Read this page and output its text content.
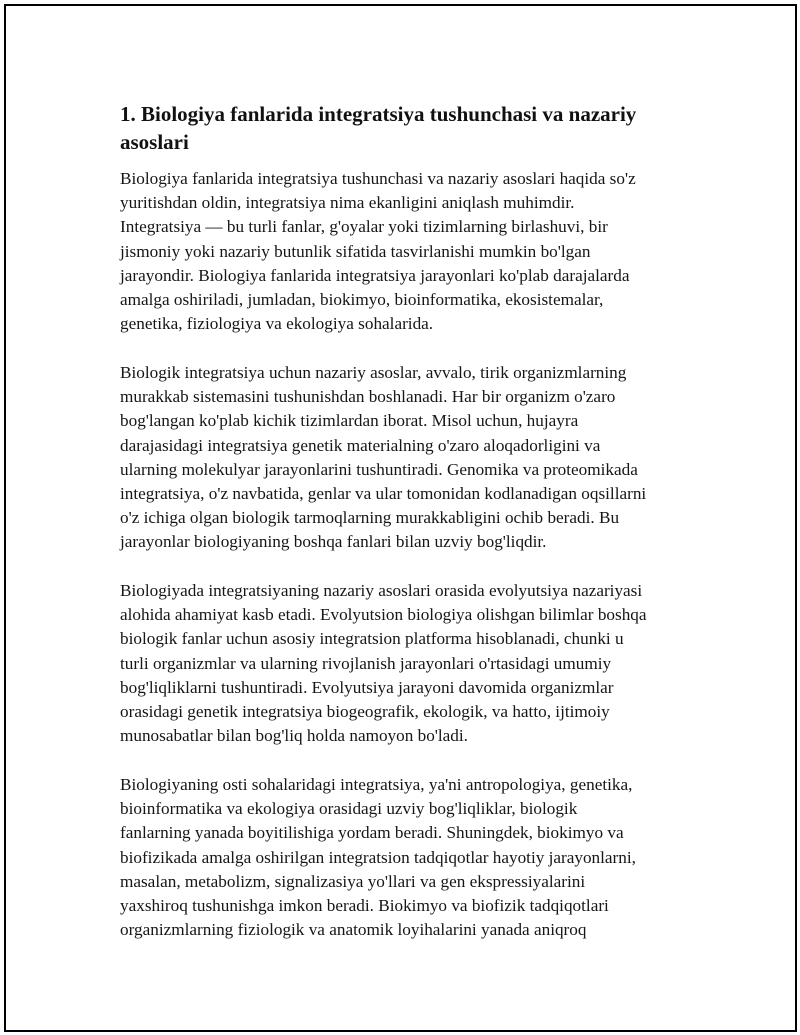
1. Biologiya fanlarida integratsiya tushunchasi va nazariy
asoslari

Biologiya fanlarida integratsiya tushunchasi va nazariy asoslari haqida so'z
yuritishdan oldin, integratsiya nima ekanligini aniqlash muhimdir.
Integratsiya — bu turli fanlar, g'oyalar yoki tizimlarning birlashuvi, bir
jismoniy yoki nazariy butunlik sifatida tasvirlanishi mumkin bo'lgan
jarayondir. Biologiya fanlarida integratsiya jarayonlari ko'plab darajalarda
amalga oshiriladi, jumladan, biokimyo, bioinformatika, ekosistemalar,
genetika, fiziologiya va ekologiya sohalarida.

Biologik integratsiya uchun nazariy asoslar, avvalo, tirik organizmlarning
murakkab sistemasini tushunishdan boshlanadi. Har bir organizm o'zaro
bog'langan ko'plab kichik tizimlardan iborat. Misol uchun, hujayra
darajasidagi integratsiya genetik materialning o'zaro aloqadorligini va
ularning molekulyar jarayonlarini tushuntiradi. Genomika va proteomikada
integratsiya, o'z navbatida, genlar va ular tomonidan kodlanadigan oqsillarni
o'z ichiga olgan biologik tarmoqlarning murakkabligini ochib beradi. Bu
jarayonlar biologiyaning boshqa fanlari bilan uzviy bog'liqdir.

Biologiyada integratsiyaning nazariy asoslari orasida evolyutsiya nazariyasi
alohida ahamiyat kasb etadi. Evolyutsion biologiya olishgan bilimlar boshqa
biologik fanlar uchun asosiy integratsion platforma hisoblanadi, chunki u
turli organizmlar va ularning rivojlanish jarayonlari o'rtasidagi umumiy
bog'liqliklarni tushuntiradi. Evolyutsiya jarayoni davomida organizmlar
orasidagi genetik integratsiya biogeografik, ekologik, va hatto, ijtimoiy
munosabatlar bilan bog'liq holda namoyon bo'ladi.

Biologiyaning osti sohalaridagi integratsiya, ya'ni antropologiya, genetika,
bioinformatika va ekologiya orasidagi uzviy bog'liqliklar, biologik
fanlarning yanada boyitilishiga yordam beradi. Shuningdek, biokimyo va
biofizikada amalga oshirilgan integratsion tadqiqotlar hayotiy jarayonlarni,
masalan, metabolizm, signalizasiya yo'llari va gen ekspressiyalarini
yaxshiroq tushunishga imkon beradi. Biokimyo va biofizik tadqiqotlari
organizmlarning fiziologik va anatomik loyihalarini yanada aniqroq
